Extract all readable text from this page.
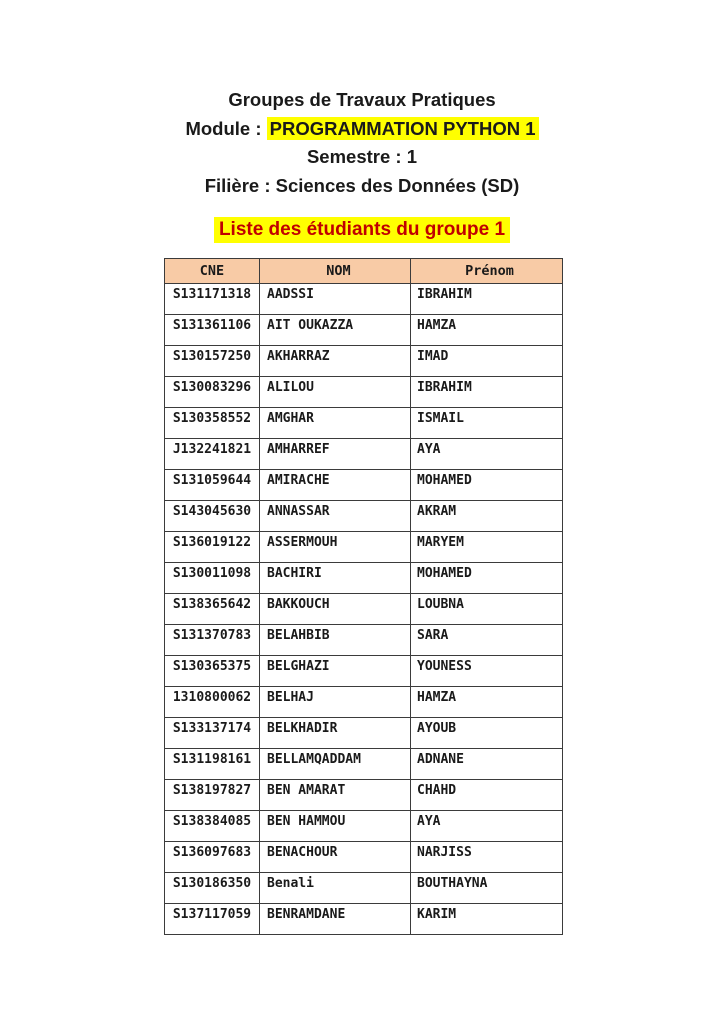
Groupes de Travaux Pratiques
Module : PROGRAMMATION PYTHON 1
Semestre : 1
Filière : Sciences des Données (SD)
Liste des étudiants du groupe 1
CNE	NOM	Prénom
S131171318	AADSSI	IBRAHIM
S131361106	AIT OUKAZZA	HAMZA
S130157250	AKHARRAZ	IMAD
S130083296	ALILOU	IBRAHIM
S130358552	AMGHAR	ISMAIL
J132241821	AMHARREF	AYA
S131059644	AMIRACHE	MOHAMED
S143045630	ANNASSAR	AKRAM
S136019122	ASSERMOUH	MARYEM
S130011098	BACHIRI	MOHAMED
S138365642	BAKKOUCH	LOUBNA
S131370783	BELAHBIB	SARA
S130365375	BELGHAZI	YOUNESS
1310800062	BELHAJ	HAMZA
S133137174	BELKHADIR	AYOUB
S131198161	BELLAMQADDAM	ADNANE
S138197827	BEN AMARAT	CHAHD
S138384085	BEN HAMMOU	AYA
S136097683	BENACHOUR	NARJISS
S130186350	Benali	BOUTHAYNA
S137117059	BENRAMDANE	KARIM
